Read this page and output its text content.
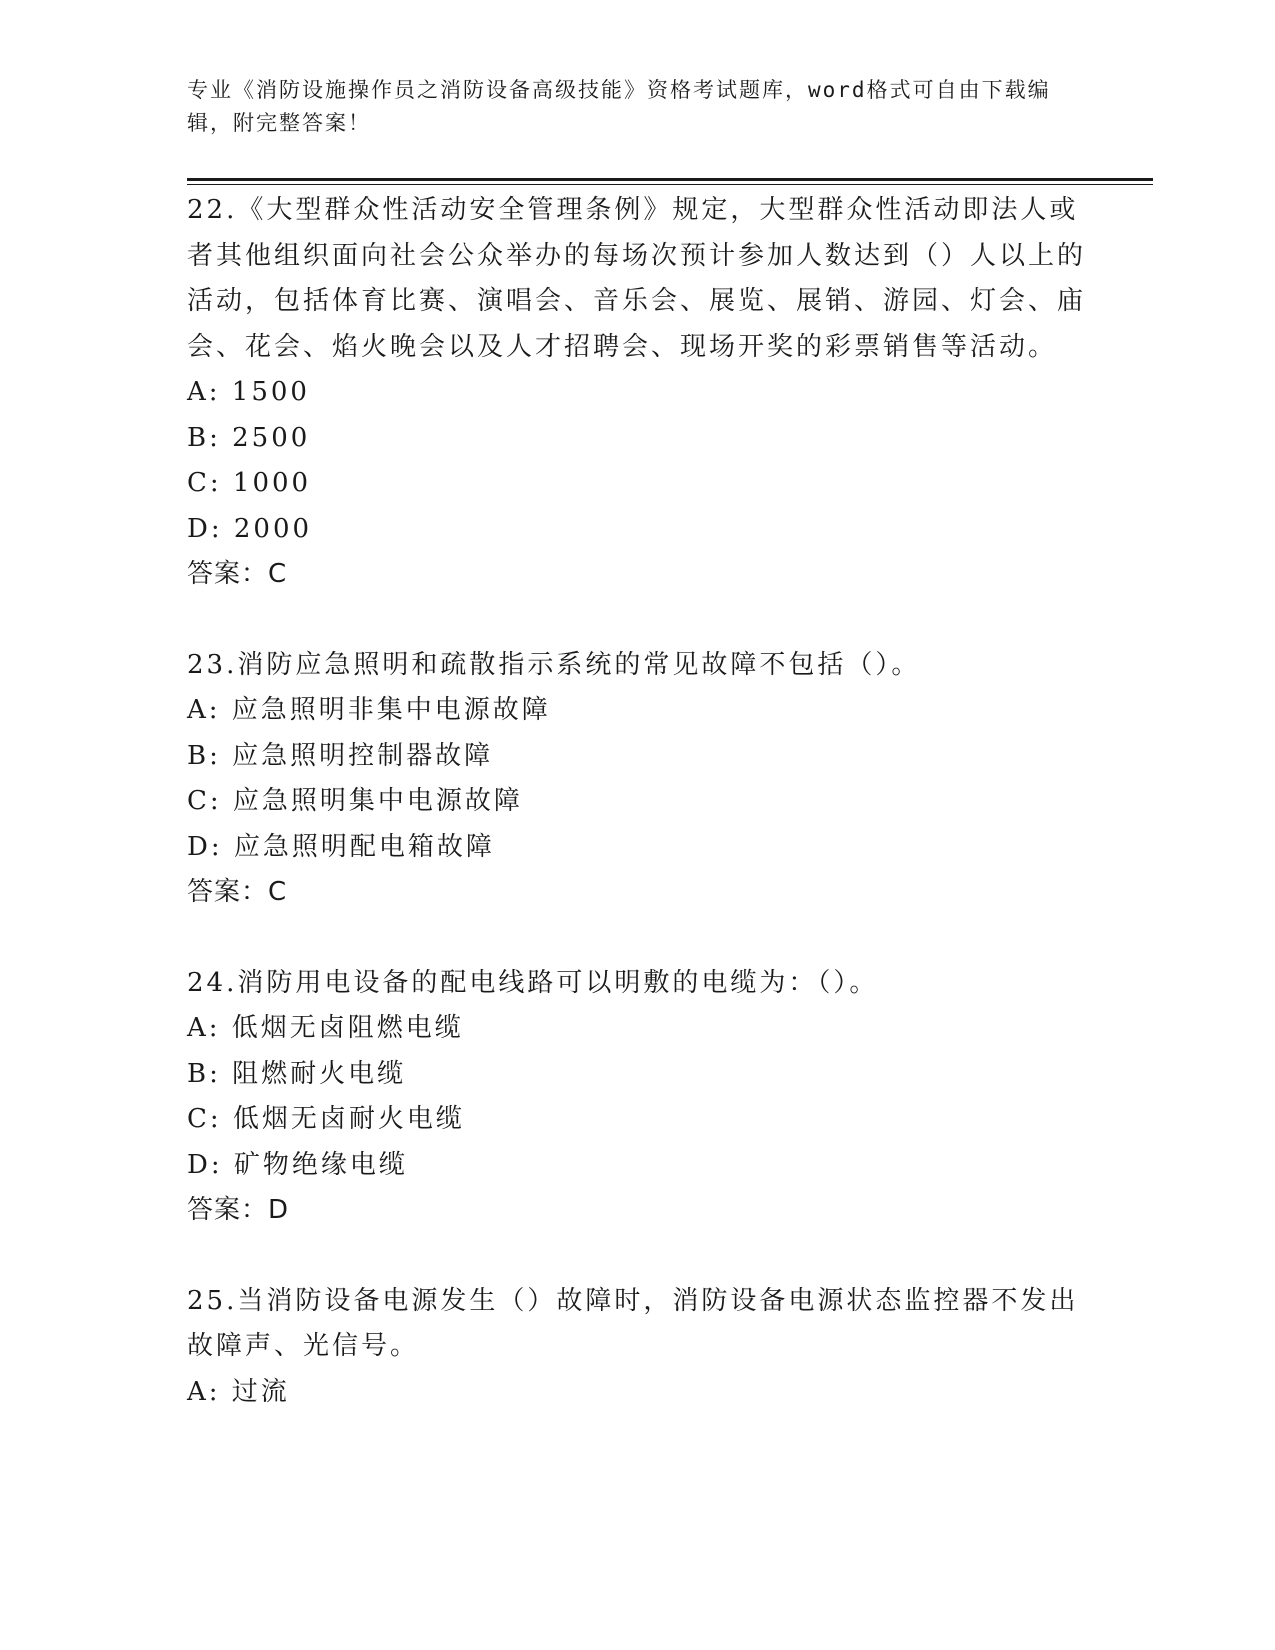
专业《消防设施操作员之消防设备高级技能》资格考试题库，word格式可自由下载编辑，附完整答案！

22.《大型群众性活动安全管理条例》规定，大型群众性活动即法人或者其他组织面向社会公众举办的每场次预计参加人数达到（）人以上的活动，包括体育比赛、演唱会、音乐会、展览、展销、游园、灯会、庙会、花会、焰火晚会以及人才招聘会、现场开奖的彩票销售等活动。

A: 1500

B: 2500

C: 1000

D: 2000

答案：C

23.消防应急照明和疏散指示系统的常见故障不包括（）。

A: 应急照明非集中电源故障

B: 应急照明控制器故障

C: 应急照明集中电源故障

D: 应急照明配电箱故障

答案：C

24.消防用电设备的配电线路可以明敷的电缆为：（）。

A: 低烟无卤阻燃电缆

B: 阻燃耐火电缆

C: 低烟无卤耐火电缆

D: 矿物绝缘电缆

答案：D

25.当消防设备电源发生（）故障时，消防设备电源状态监控器不发出故障声、光信号。

A: 过流
